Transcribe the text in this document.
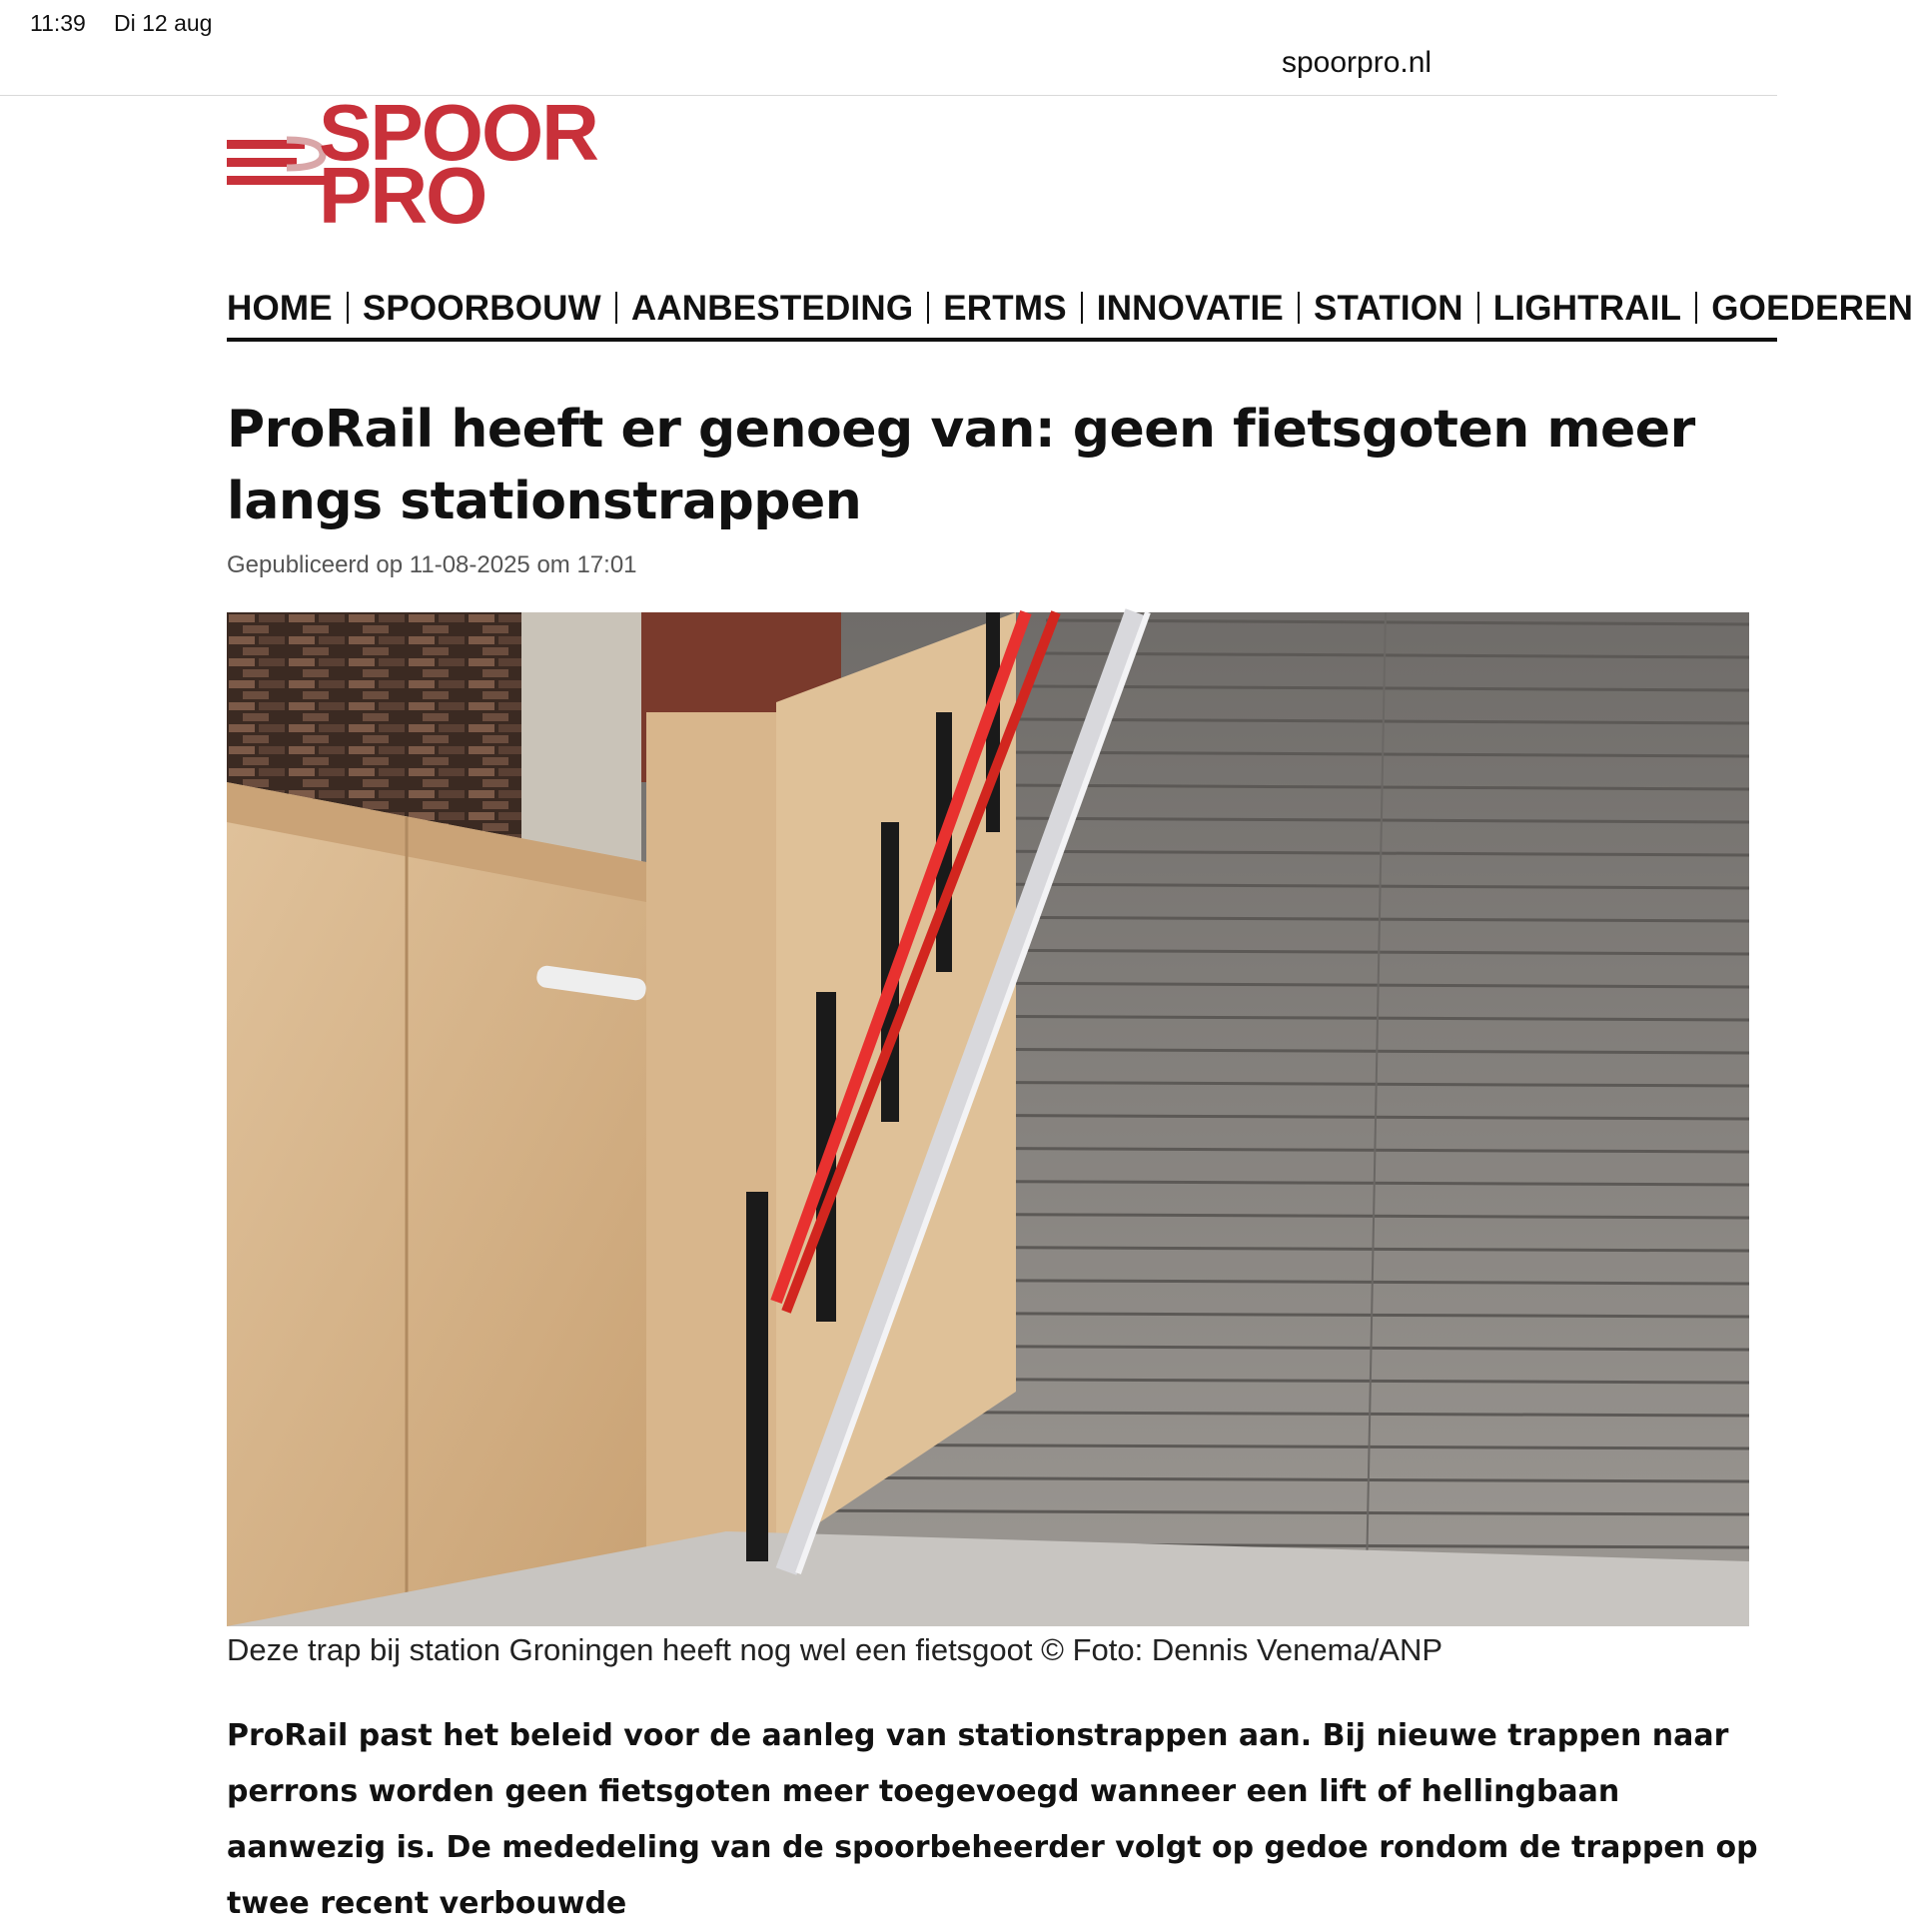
11:39 Di 12 aug
spoorpro.nl
SPOOR
PRO
HOME SPOORBOUW AANBESTEDING ERTMS INNOVATIE STATION LIGHTRAIL GOEDEREN
ProRail heeft er genoeg van: geen fietsgoten meer langs stationstrappen
Gepubliceerd op 11-08-2025 om 17:01
Deze trap bij station Groningen heeft nog wel een fietsgoot © Foto: Dennis Venema/ANP

ProRail past het beleid voor de aanleg van stationstrappen aan. Bij nieuwe trappen naar perrons worden geen fietsgoten meer toegevoegd wanneer een lift of hellingbaan aanwezig is. De mededeling van de spoorbeheerder volgt op gedoe rondom de trappen op twee recent verbouwde
